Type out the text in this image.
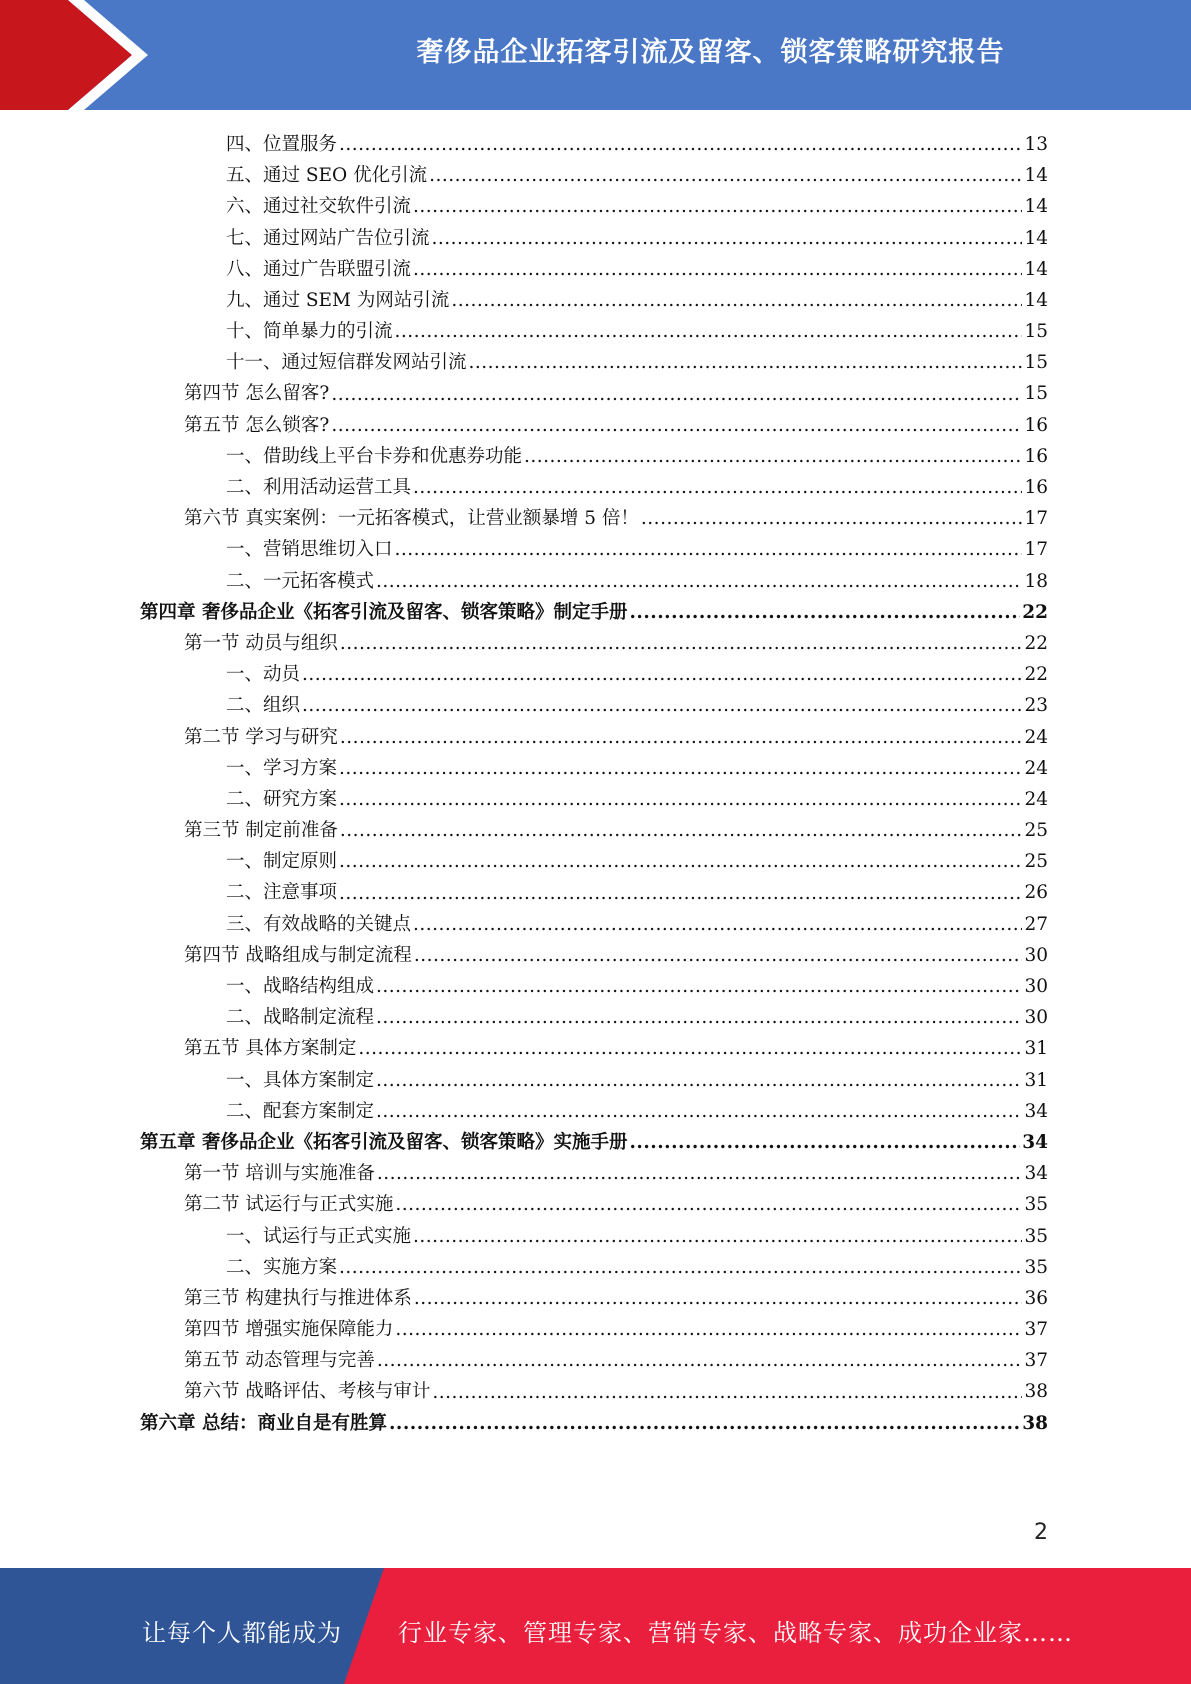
奢侈品企业拓客引流及留客、锁客策略研究报告
四、位置服务 .....	13
五、通过 SEO 优化引流 .....	14
六、通过社交软件引流 .....	14
七、通过网站广告位引流 .....	14
八、通过广告联盟引流 .....	14
九、通过 SEM 为网站引流 .....	14
十、简单暴力的引流 .....	15
十一、通过短信群发网站引流 .....	15
第四节 怎么留客? .....	15
第五节 怎么锁客? .....	16
一、借助线上平台卡券和优惠券功能 .....	16
二、利用活动运营工具 .....	16
第六节 真实案例：一元拓客模式，让营业额暴增 5 倍！ .....	17
一、营销思维切入口 .....	17
二、一元拓客模式 .....	18
第四章 奢侈品企业《拓客引流及留客、锁客策略》制定手册 .....	22
第一节 动员与组织 .....	22
一、动员 .....	22
二、组织 .....	23
第二节 学习与研究 .....	24
一、学习方案 .....	24
二、研究方案 .....	24
第三节 制定前准备 .....	25
一、制定原则 .....	25
二、注意事项 .....	26
三、有效战略的关键点 .....	27
第四节 战略组成与制定流程 .....	30
一、战略结构组成 .....	30
二、战略制定流程 .....	30
第五节 具体方案制定 .....	31
一、具体方案制定 .....	31
二、配套方案制定 .....	34
第五章 奢侈品企业《拓客引流及留客、锁客策略》实施手册 .....	34
第一节 培训与实施准备 .....	34
第二节 试运行与正式实施 .....	35
一、试运行与正式实施 .....	35
二、实施方案 .....	35
第三节 构建执行与推进体系 .....	36
第四节 增强实施保障能力 .....	37
第五节 动态管理与完善 .....	37
第六节 战略评估、考核与审计 .....	38
第六章 总结：商业自是有胜算 .....	38
2
让每个人都能成为 行业专家、管理专家、营销专家、战略专家、成功企业家……
